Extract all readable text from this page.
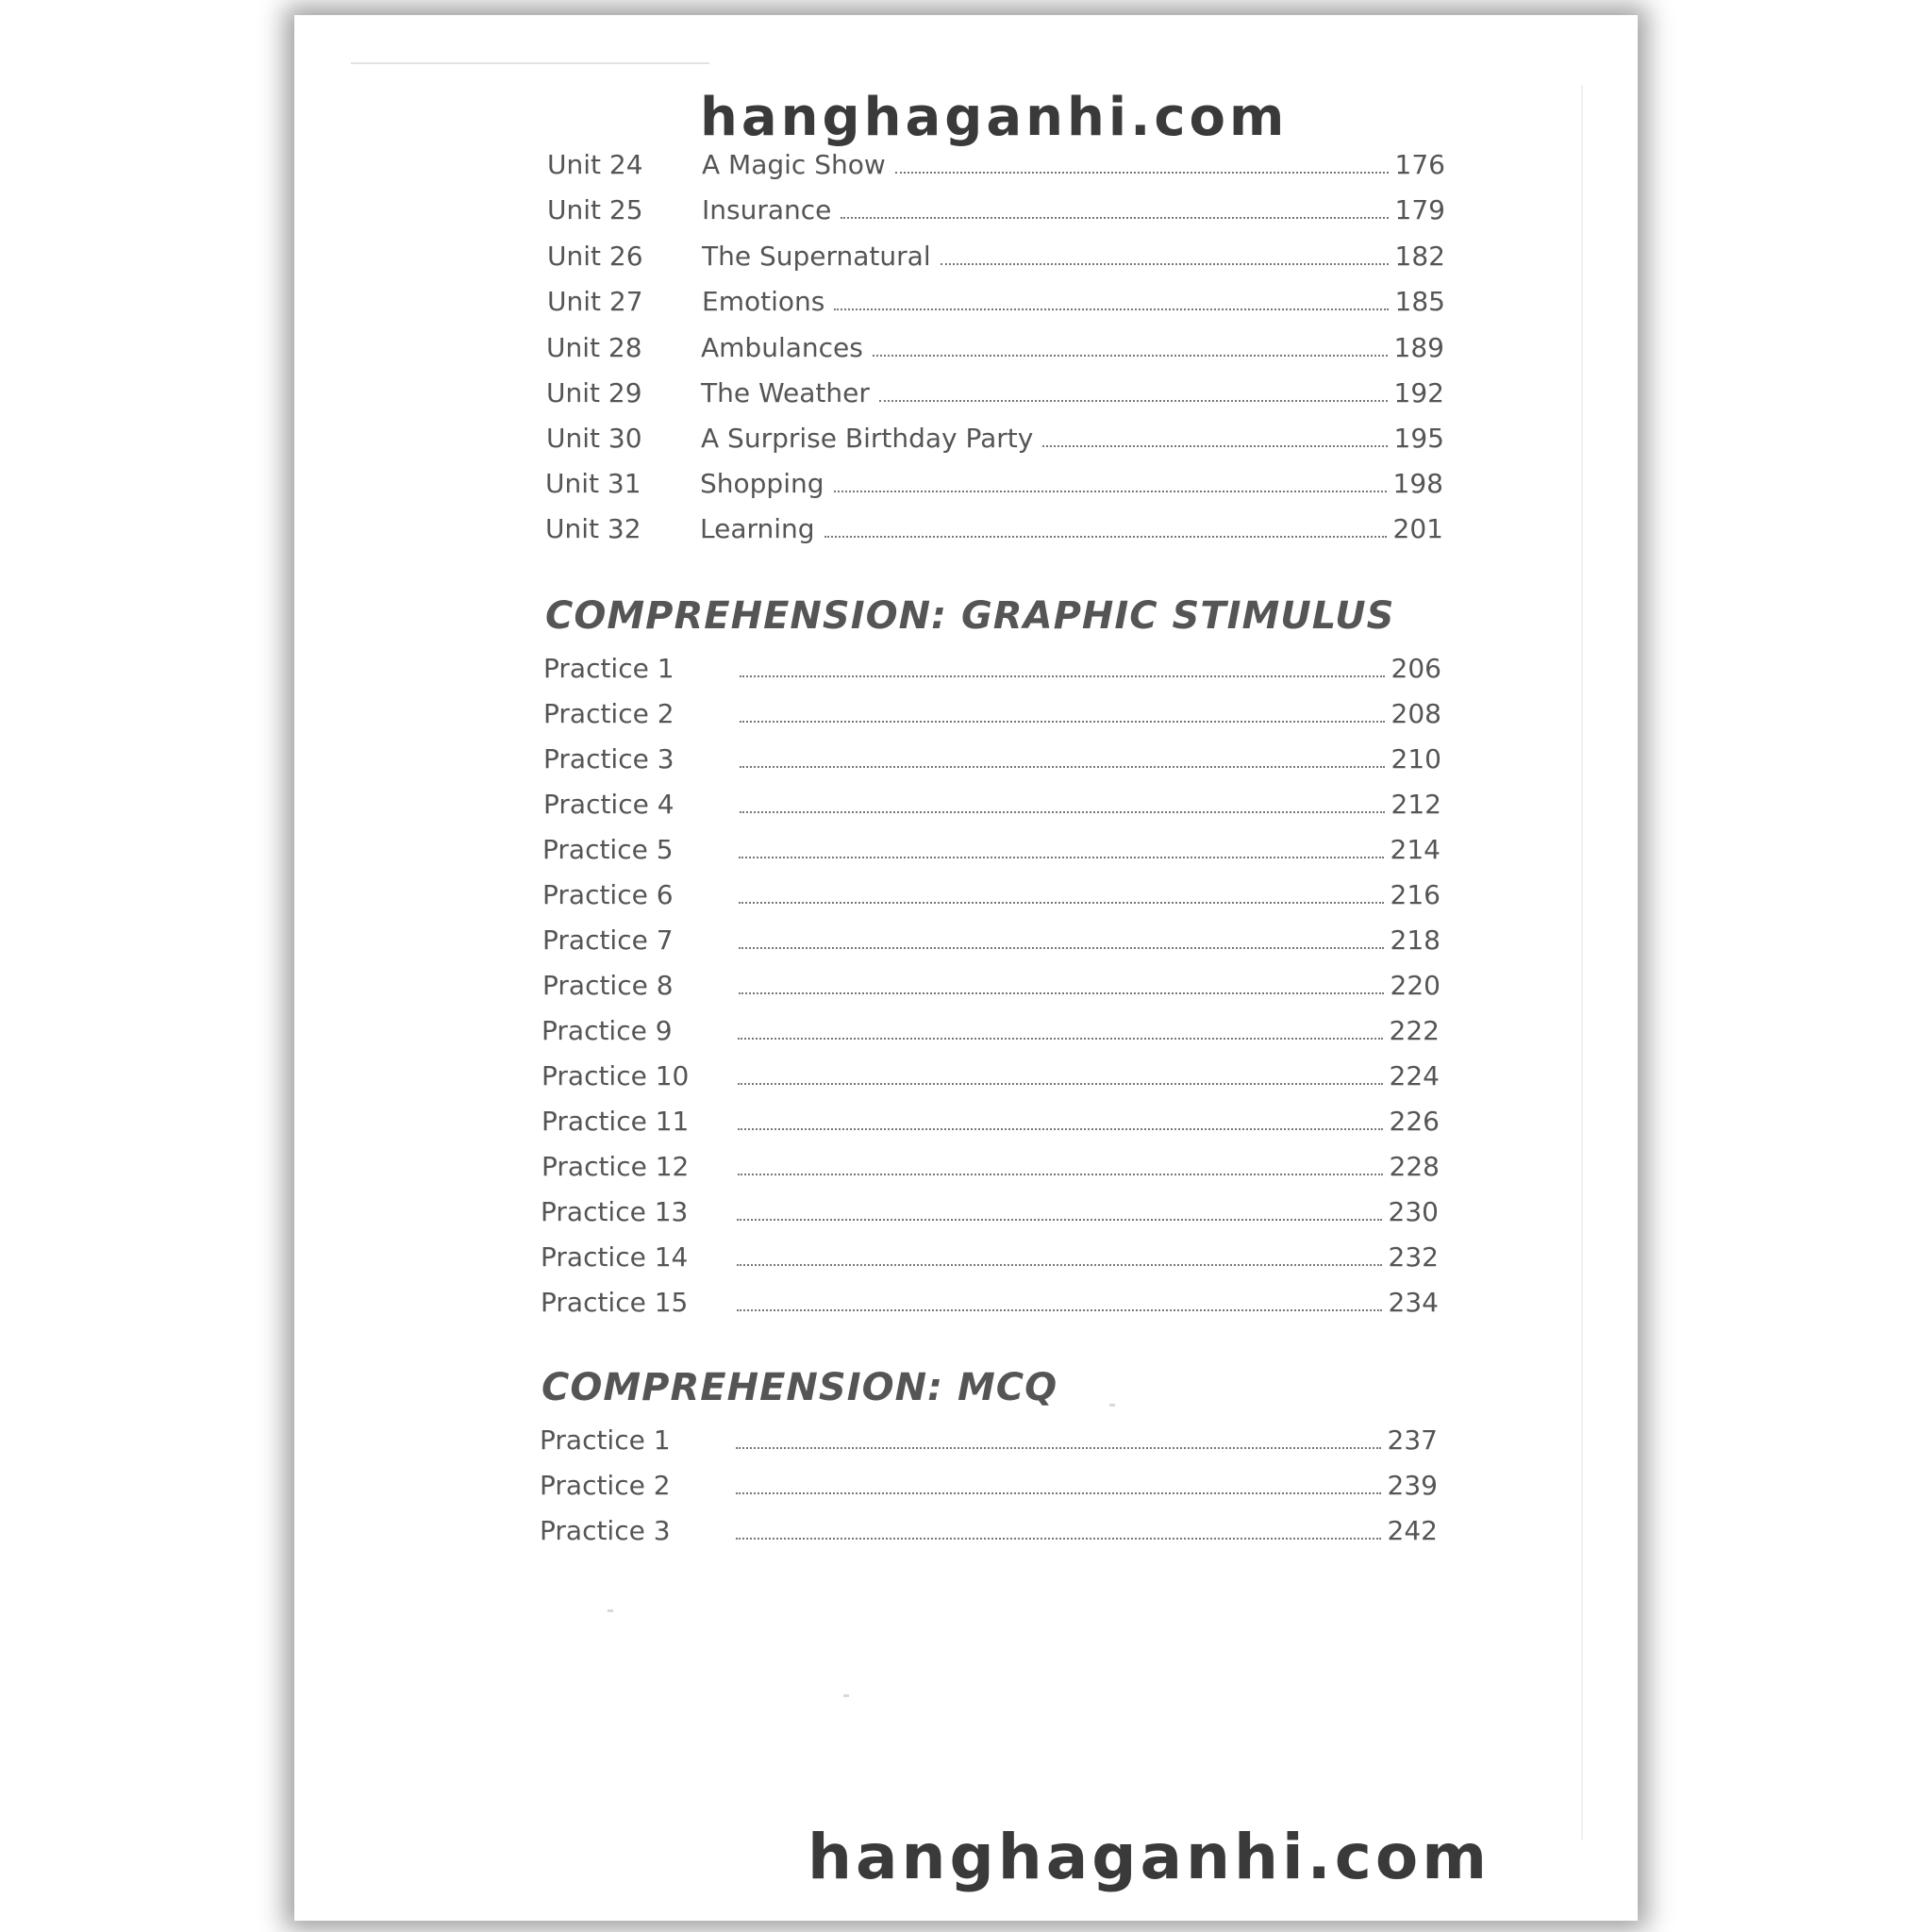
hanghaganhi.com
Unit 24	A Magic Show	176
Unit 25	Insurance	179
Unit 26	The Supernatural	182
Unit 27	Emotions	185
Unit 28	Ambulances	189
Unit 29	The Weather	192
Unit 30	A Surprise Birthday Party	195
Unit 31	Shopping	198
Unit 32	Learning	201
COMPREHENSION: GRAPHIC STIMULUS
Practice 1	206
Practice 2	208
Practice 3	210
Practice 4	212
Practice 5	214
Practice 6	216
Practice 7	218
Practice 8	220
Practice 9	222
Practice 10	224
Practice 11	226
Practice 12	228
Practice 13	230
Practice 14	232
Practice 15	234
COMPREHENSION: MCQ
Practice 1	237
Practice 2	239
Practice 3	242
hanghaganhi.com
